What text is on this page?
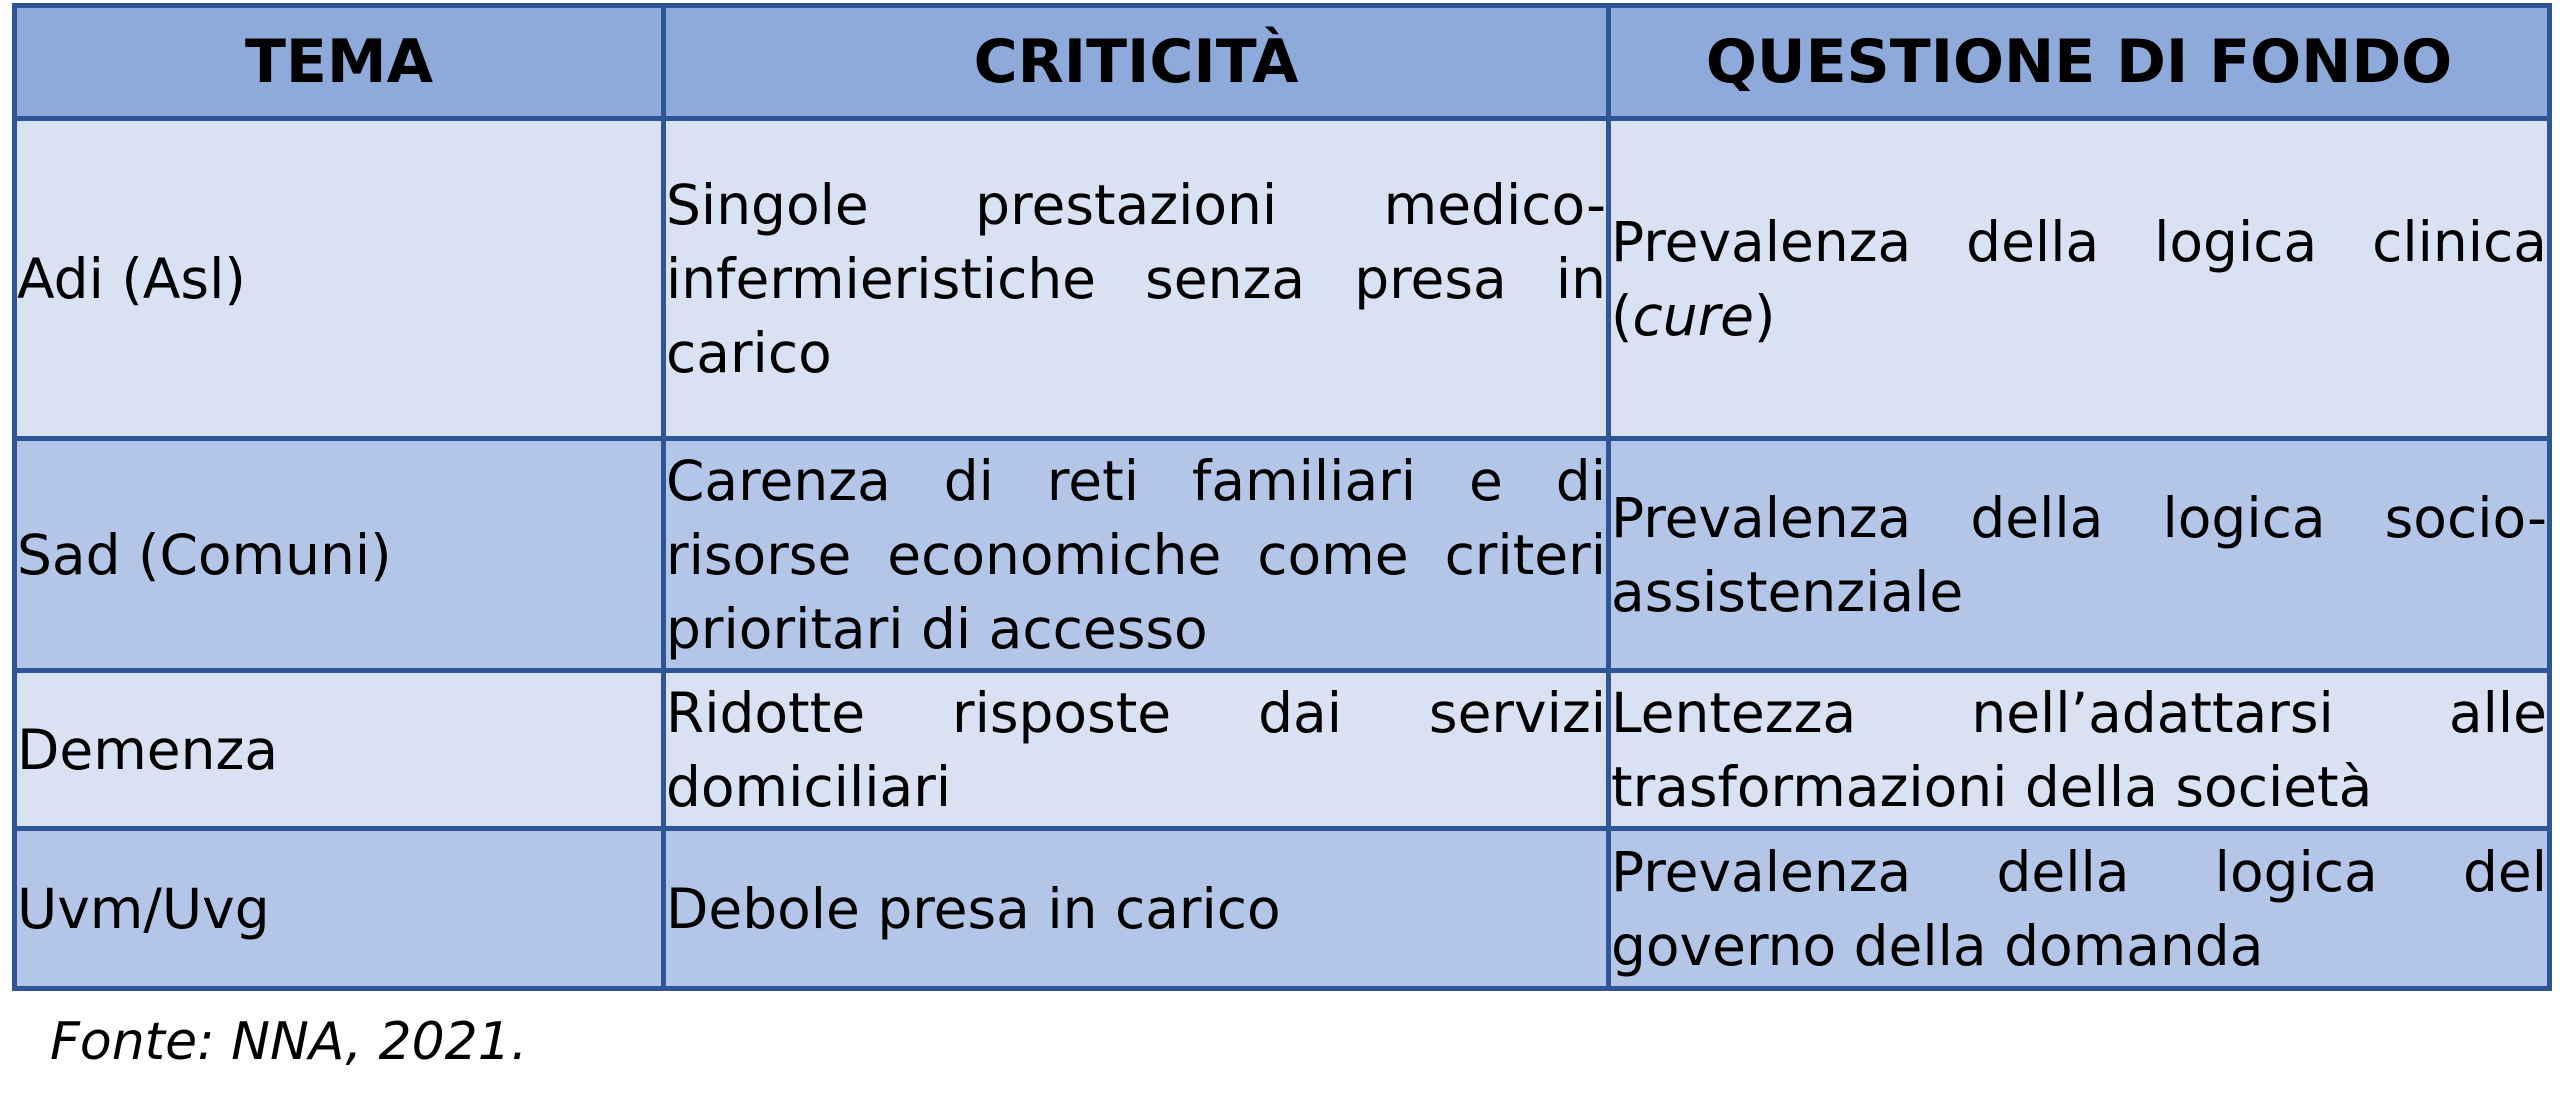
TEMA	CRITICITÀ	QUESTIONE DI FONDO
Adi (Asl)	Singole prestazioni medico-infermieristiche senza presa in carico	Prevalenza della logica clinica (cure)
Sad (Comuni)	Carenza di reti familiari e di risorse economiche come criteri prioritari di accesso	Prevalenza della logica socio-assistenziale
Demenza	Ridotte risposte dai servizi domiciliari	Lentezza nell’adattarsi alle trasformazioni della società
Uvm/Uvg	Debole presa in carico	Prevalenza della logica del governo della domanda
Fonte: NNA, 2021.
